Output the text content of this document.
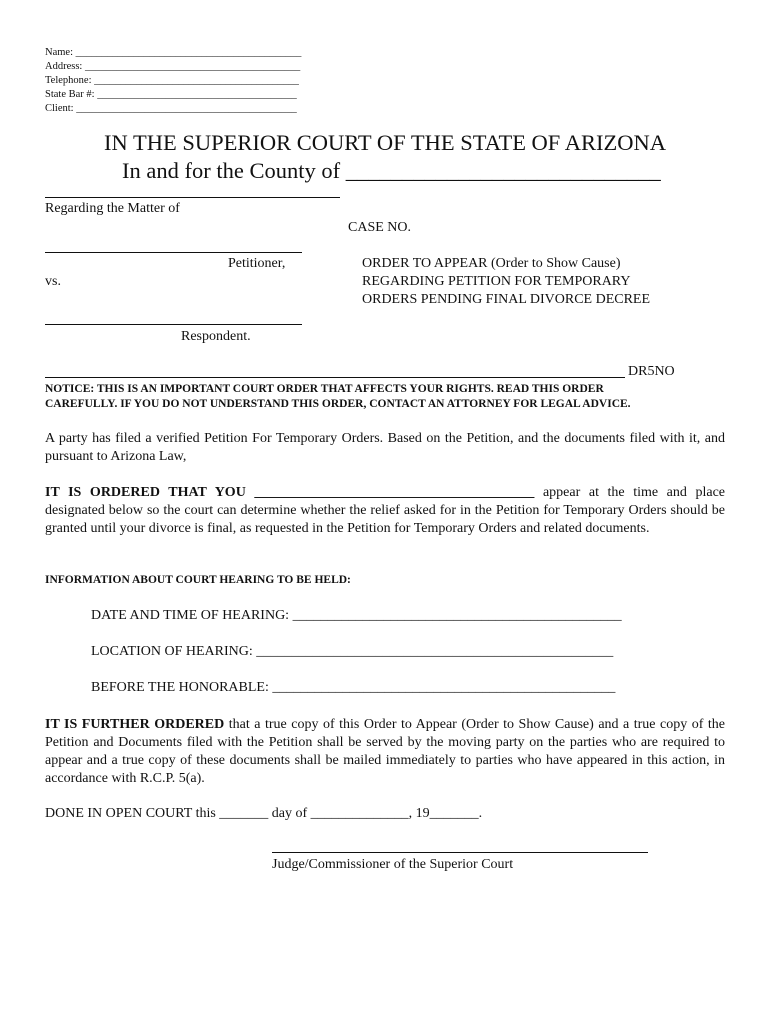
Name: ___________________________________________
Address: _________________________________________
Telephone: _______________________________________
State Bar #: ______________________________________
Client: __________________________________________
IN THE SUPERIOR COURT OF THE STATE OF ARIZONA
In and for the County of ____________________________
Regarding the Matter of
CASE NO.
Petitioner,
vs.
ORDER TO APPEAR (Order to Show Cause)
REGARDING PETITION FOR TEMPORARY
ORDERS PENDING FINAL DIVORCE DECREE
Respondent.
DR5NO
NOTICE: THIS IS AN IMPORTANT COURT ORDER THAT AFFECTS YOUR RIGHTS. READ THIS ORDER
CAREFULLY. IF YOU DO NOT UNDERSTAND THIS ORDER, CONTACT AN ATTORNEY FOR LEGAL ADVICE.
A party has filed a verified Petition For Temporary Orders. Based on the Petition, and the documents filed with it, and pursuant to Arizona Law,
IT IS ORDERED THAT YOU ________________________________________ appear at the time and place designated below so the court can determine whether the relief asked for in the Petition for Temporary Orders should be granted until your divorce is final, as requested in the Petition for Temporary Orders and related documents.
INFORMATION ABOUT COURT HEARING TO BE HELD:
DATE AND TIME OF HEARING: _______________________________________________
LOCATION OF HEARING: ___________________________________________________
BEFORE THE HONORABLE: _________________________________________________
IT IS FURTHER ORDERED that a true copy of this Order to Appear (Order to Show Cause) and a true copy of the Petition and Documents filed with the Petition shall be served by the moving party on the parties who are required to appear and a true copy of these documents shall be mailed immediately to parties who have appeared in this action, in accordance with R.C.P. 5(a).
DONE IN OPEN COURT this _______ day of ______________, 19_______.
Judge/Commissioner of the Superior Court
